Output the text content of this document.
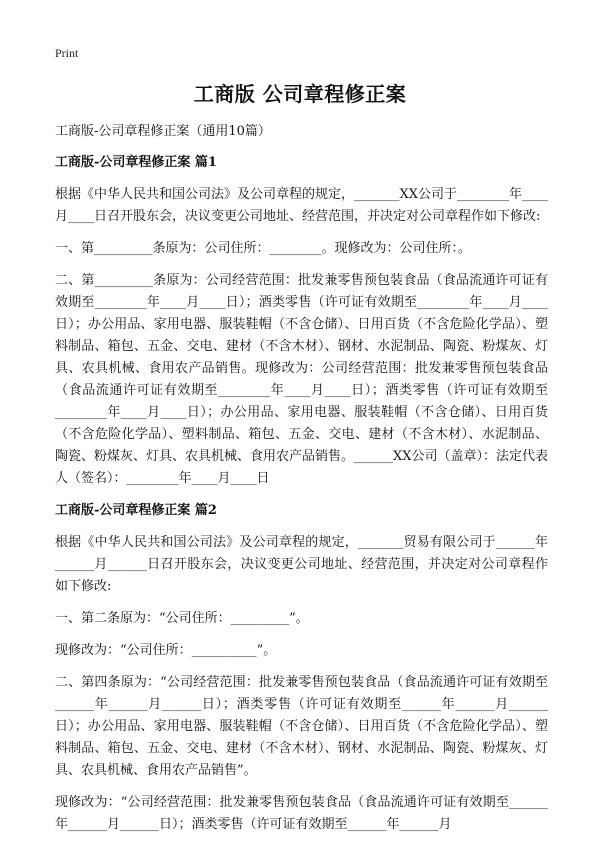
Print
工商版 公司章程修正案
工商版-公司章程修正案（通用10篇）
工商版-公司章程修正案 篇1
根据《中华人民共和国公司法》及公司章程的规定，_______XX公司于________年____月____日召开股东会，决议变更公司地址、经营范围，并决定对公司章程作如下修改:
一、第_________条原为：公司住所：________。现修改为：公司住所：。
二、第_________条原为：公司经营范围：批发兼零售预包装食品（食品流通许可证有效期至________年____月____日）；酒类零售（许可证有效期至________年____月____日）；办公用品、家用电器、服装鞋帽（不含仓储）、日用百货（不含危险化学品）、塑料制品、箱包、五金、交电、建材（不含木材）、钢材、水泥制品、陶瓷、粉煤灰、灯具、农具机械、食用农产品销售。现修改为：公司经营范围：批发兼零售预包装食品（食品流通许可证有效期至________年____月____日）；酒类零售（许可证有效期至________年____月____日）；办公用品、家用电器、服装鞋帽（不含仓储）、日用百货（不含危险化学品）、塑料制品、箱包、五金、交电、建材（不含木材）、水泥制品、陶瓷、粉煤灰、灯具、农具机械、食用农产品销售。______XX公司（盖章）：法定代表人（签名）：________年____月____日
工商版-公司章程修正案 篇2
根据《中华人民共和国公司法》及公司章程的规定，_______贸易有限公司于______年______月______日召开股东会，决议变更公司地址、经营范围，并决定对公司章程作如下修改:
一、第二条原为：“公司住所：_________”。
现修改为：“公司住所：__________”。
二、第四条原为：“公司经营范围：批发兼零售预包装食品（食品流通许可证有效期至______年______月______日）；酒类零售（许可证有效期至______年______月______日）；办公用品、家用电器、服装鞋帽（不含仓储）、日用百货（不含危险化学品）、塑料制品、箱包、五金、交电、建材（不含木材）、钢材、水泥制品、陶瓷、粉煤灰、灯具、农具机械、食用农产品销售”。
现修改为：“公司经营范围：批发兼零售预包装食品（食品流通许可证有效期至______年______月______日）；酒类零售（许可证有效期至______年______月
